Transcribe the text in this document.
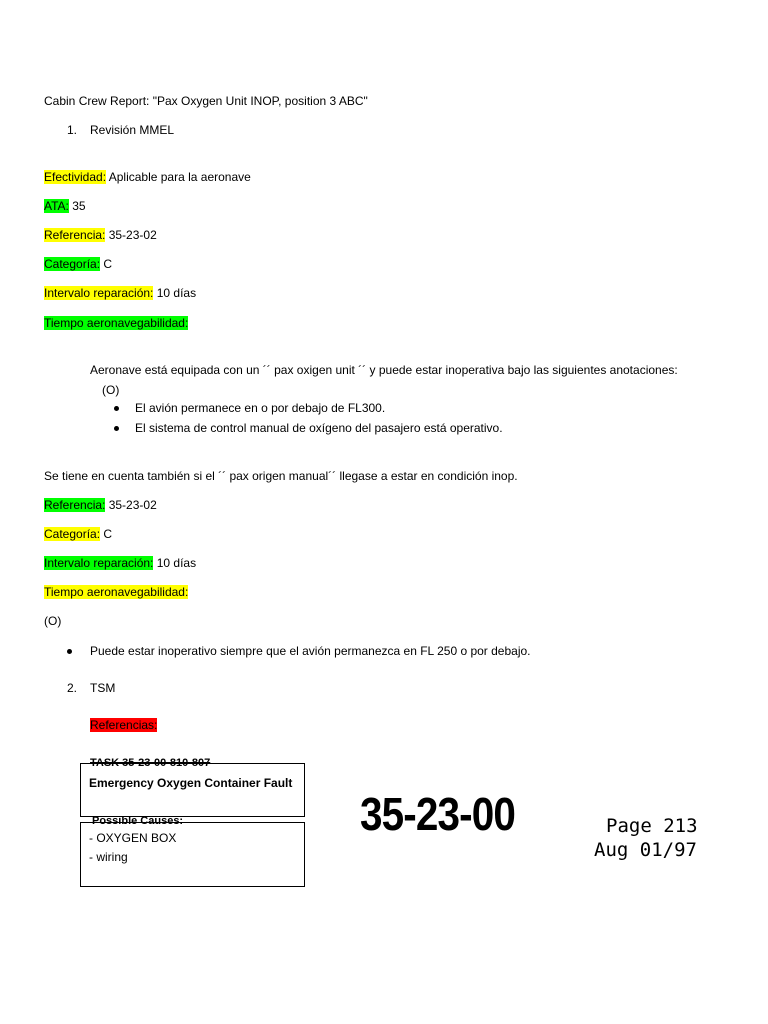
Cabin Crew Report: "Pax Oxygen Unit INOP, position 3 ABC"
1. Revisión MMEL
Efectividad: Aplicable para la aeronave
ATA: 35
Referencia: 35-23-02
Categoría: C
Intervalo reparación: 10 días
Tiempo aeronavegabilidad:
Aeronave está equipada con un ´´ pax oxigen unit ´´ y puede estar inoperativa bajo las siguientes anotaciones:
(O)
El avión permanece en o por debajo de FL300.
El sistema de control manual de oxígeno del pasajero está operativo.
Se tiene en cuenta también si el ´´ pax origen manual´´ llegase a estar en condición inop.
Referencia: 35-23-02
Categoría: C
Intervalo reparación: 10 días
Tiempo aeronavegabilidad:
(O)
Puede estar inoperativo siempre que el avión permanezca en FL 250 o por debajo.
2. TSM
Referencias:
TASK 35-23-00-810-807
Emergency Oxygen Container Fault
Possible Causes:
- OXYGEN BOX
- wiring
35-23-00	Page 213
Aug 01/97
